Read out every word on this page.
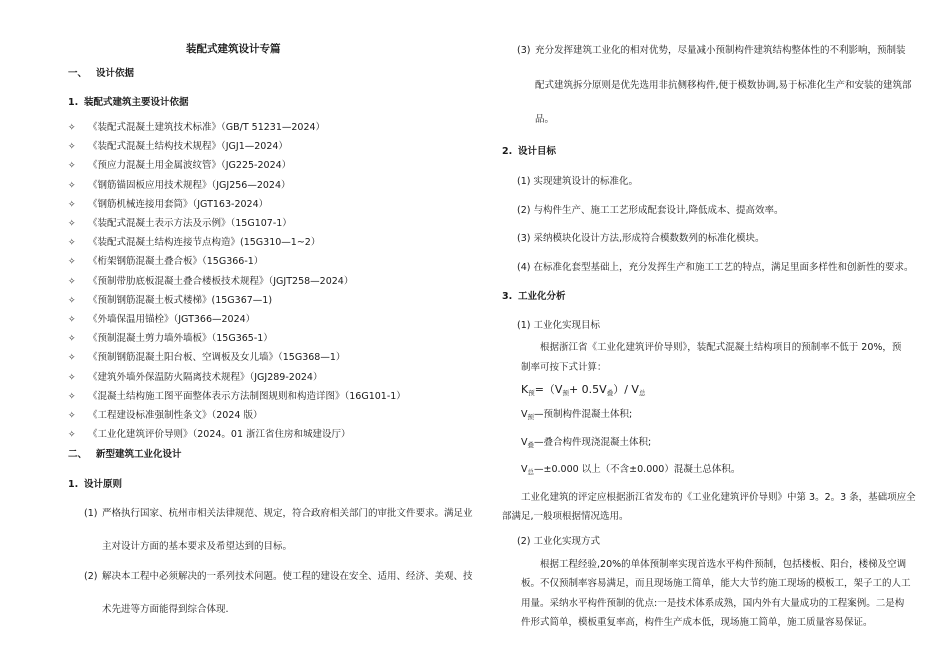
装配式建筑设计专篇
一、 设计依据
1. 装配式建筑主要设计依据
✧ 《装配式混凝土建筑技术标准》（GB/T 51231—2024）
✧ 《装配式混凝土结构技术规程》（JGJ1—2024）
✧ 《预应力混凝土用金属波纹管》（JG225-2024）
✧ 《钢筋锚固板应用技术规程》（JGJ256—2024）
✧ 《钢筋机械连接用套筒》（JGT163-2024）
✧ 《装配式混凝土表示方法及示例》（15G107-1）
✧ 《装配式混凝土结构连接节点构造》(15G310—1~2）
✧ 《桁架钢筋混凝土叠合板》（15G366-1）
✧ 《预制带肋底板混凝土叠合楼板技术规程》（JGJT258—2024）
✧ 《预制钢筋混凝土板式楼梯》(15G367—1)
✧ 《外墙保温用锚栓》（JGT366—2024）
✧ 《预制混凝土剪力墙外墙板》（15G365-1）
✧ 《预制钢筋混凝土阳台板、空调板及女儿墙》（15G368—1）
✧ 《建筑外墙外保温防火隔离技术规程》（JGJ289-2024）
✧ 《混凝土结构施工图平面整体表示方法制图规则和构造详图》（16G101-1）
✧ 《工程建设标准强制性条文》（2024 版）
✧ 《工业化建筑评价导则》（2024。01 浙江省住房和城建设厅）
二、 新型建筑工业化设计
1. 设计原则
(1) 严格执行国家、杭州市相关法律规范、规定，符合政府相关部门的审批文件要求。满足业
主对设计方面的基本要求及希望达到的目标。
(2) 解决本工程中必须解决的一系列技术问题。使工程的建设在安全、适用、经济、美观、技
术先进等方面能得到综合体现.
(3) 充分发挥建筑工业化的相对优势，尽量减小预制构件建筑结构整体性的不利影响，预制装
配式建筑拆分原则是优先选用非抗侧移构件,便于模数协调,易于标准化生产和安装的建筑部
品。
2. 设计目标
(1) 实现建筑设计的标准化。
(2) 与构件生产、施工工艺形成配套设计,降低成本、提高效率。
(3) 采纳模块化设计方法,形成符合模数数列的标准化模块。
(4) 在标准化套型基础上，充分发挥生产和施工工艺的特点，满足里面多样性和创新性的要求。
3. 工业化分析
(1) 工业化实现目标
根据浙江省《工业化建筑评价导则》，装配式混凝土结构项目的预制率不低于 20%，预
制率可按下式计算：
K预=（V预+ 0.5V叠）/ V总
$V_预—$预制构件混凝土体积;
$V_叠—$叠合构件现浇混凝土体积;
$V_总—\pm 0.000$ 以上（不含±0.000）混凝土总体积。
工业化建筑的评定应根据浙江省发布的《工业化建筑评价导则》中第 3。2。3 条，基础项应全
部满足,一般项根据情况选用。
(2) 工业化实现方式
根据工程经验,20%的单体预制率实现首选水平构件预制，包括楼板、阳台，楼梯及空调
板。不仅预制率容易满足，而且现场施工简单，能大大节约施工现场的模板工，架子工的人工
用量。采纳水平构件预制的优点:一是技术体系成熟，国内外有大量成功的工程案例。二是构
件形式简单，模板重复率高，构件生产成本低，现场施工简单，施工质量容易保证。
